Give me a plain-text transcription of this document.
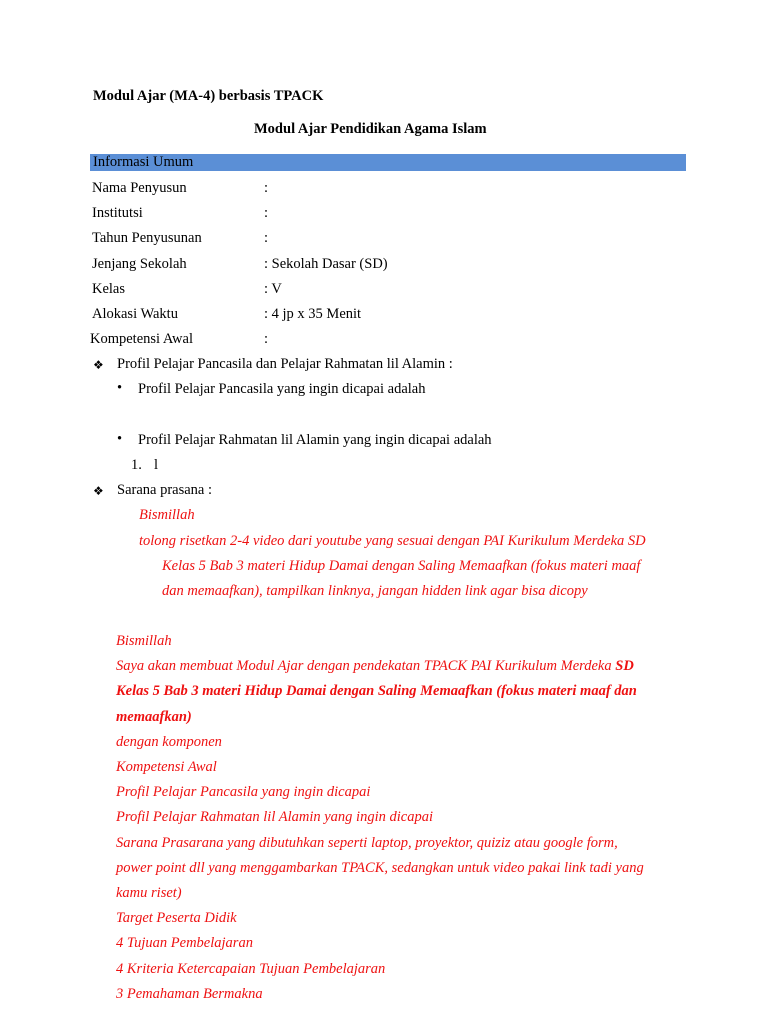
Modul Ajar (MA-4) berbasis TPACK
Modul Ajar Pendidikan Agama Islam
Informasi Umum
Nama Penyusun	:
Institutsi	:
Tahun Penyusunan	:
Jenjang Sekolah	: Sekolah Dasar (SD)
Kelas	: V
Alokasi Waktu	: 4 jp x 35 Menit
Kompetensi Awal	:
❖ Profil Pelajar Pancasila dan Pelajar Rahmatan lil Alamin :
• Profil Pelajar Pancasila yang ingin dicapai adalah
• Profil Pelajar Rahmatan lil Alamin yang ingin dicapai adalah
1. l
❖ Sarana prasana :
Bismillah
tolong risetkan 2-4 video dari youtube yang sesuai dengan PAI Kurikulum Merdeka SD
Kelas 5 Bab 3 materi Hidup Damai dengan Saling Memaafkan (fokus materi maaf
dan memaafkan), tampilkan linknya, jangan hidden link agar bisa dicopy
Bismillah
Saya akan membuat Modul Ajar dengan pendekatan TPACK PAI Kurikulum Merdeka SD
Kelas 5 Bab 3 materi Hidup Damai dengan Saling Memaafkan (fokus materi maaf dan
memaafkan)
dengan komponen
Kompetensi Awal
Profil Pelajar Pancasila yang ingin dicapai
Profil Pelajar Rahmatan lil Alamin yang ingin dicapai
Sarana Prasarana yang dibutuhkan seperti laptop, proyektor, quiziz atau google form,
power point dll yang menggambarkan TPACK, sedangkan untuk video pakai link tadi yang
kamu riset)
Target Peserta Didik
4 Tujuan Pembelajaran
4 Kriteria Ketercapaian Tujuan Pembelajaran
3 Pemahaman Bermakna
